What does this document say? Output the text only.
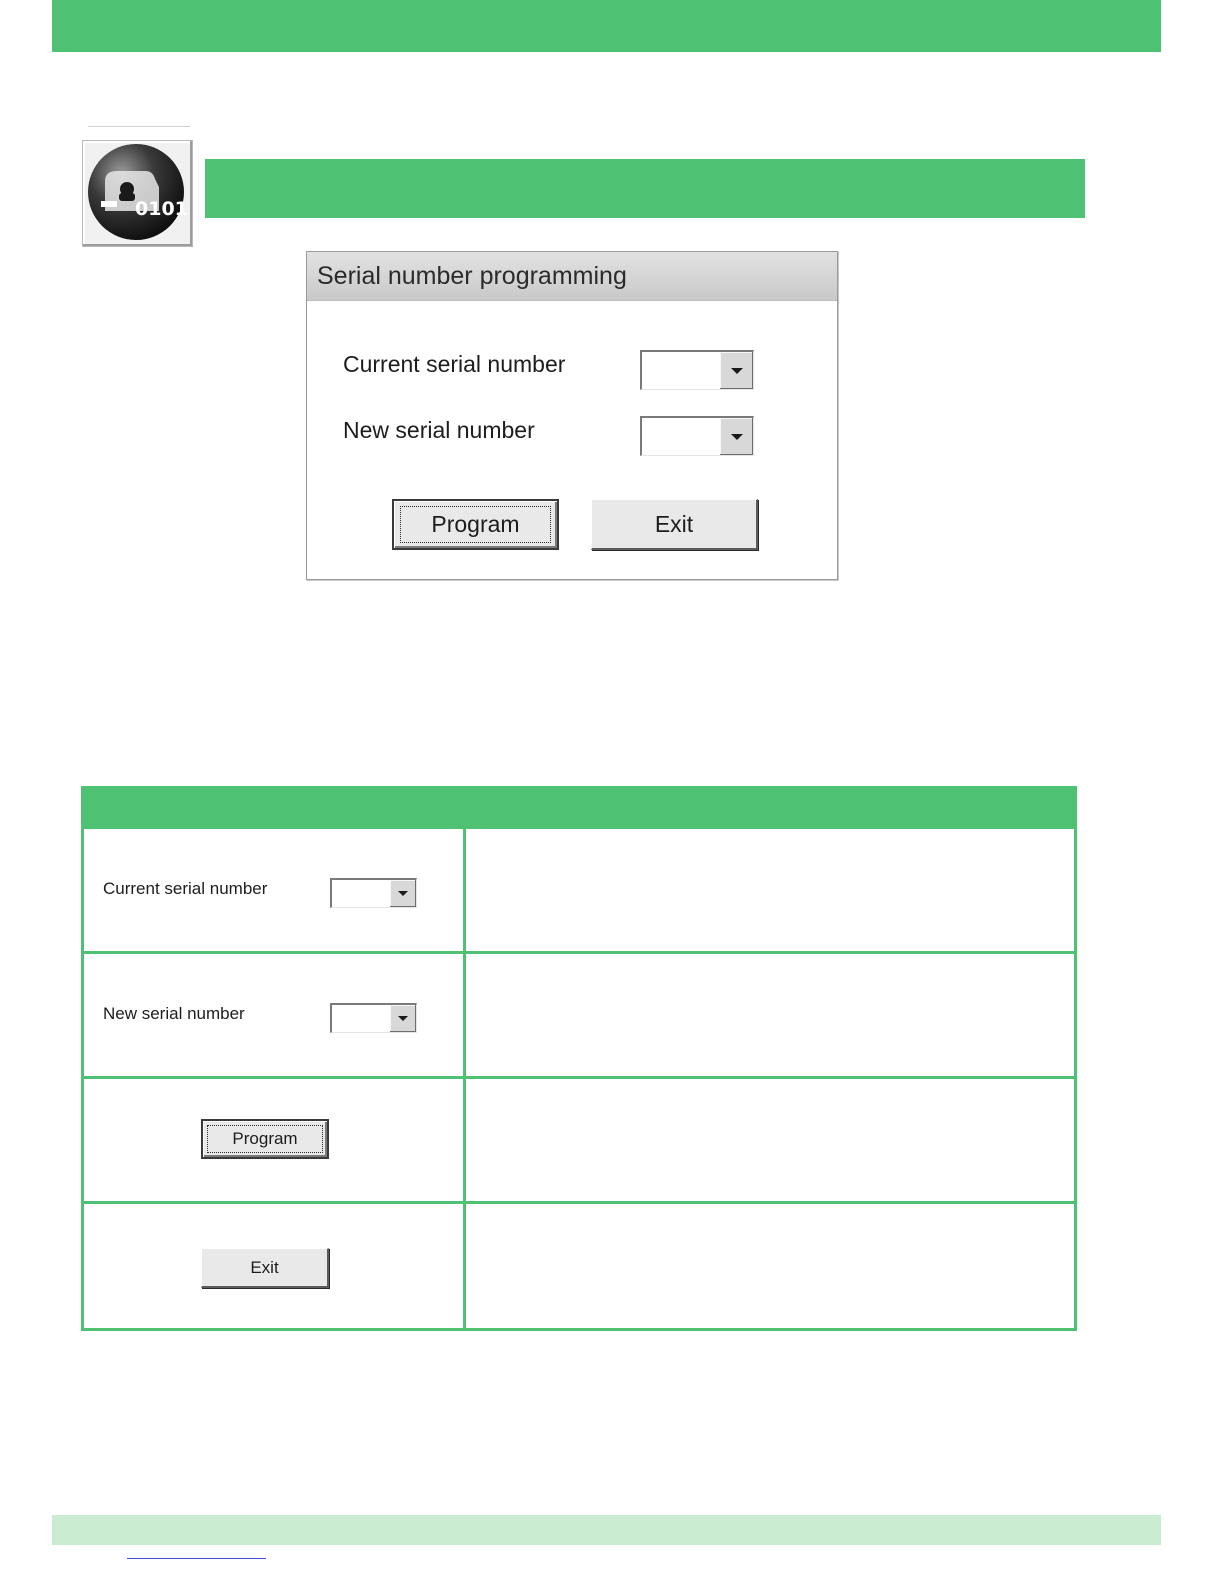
0101
Serial number programming
Current serial number
New serial number
Program	Exit
Current serial number
New serial number
Program
Exit
